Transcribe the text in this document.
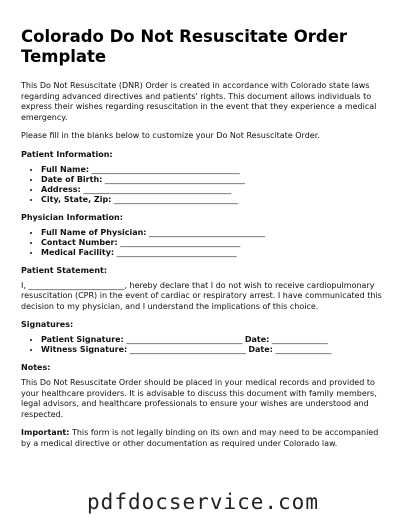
Colorado Do Not Resuscitate Order Template

This Do Not Resuscitate (DNR) Order is created in accordance with Colorado state laws regarding advanced directives and patients' rights. This document allows individuals to express their wishes regarding resuscitation in the event that they experience a medical emergency.

Please fill in the blanks below to customize your Do Not Resuscitate Order.

Patient Information:
• Full Name: _____________________________________
• Date of Birth: ___________________________________
• Address: _____________________________________
• City, State, Zip: _______________________________
Physician Information:
• Full Name of Physician: _____________________________
• Contact Number: ______________________________
• Medical Facility: ______________________________
Patient Statement:

I, ________________________, hereby declare that I do not wish to receive cardiopulmonary resuscitation (CPR) in the event of cardiac or respiratory arrest. I have communicated this decision to my physician, and I understand the implications of this choice.

Signatures:
• Patient Signature: _____________________________ Date: ______________
• Witness Signature: _____________________________ Date: ______________
Notes:

This Do Not Resuscitate Order should be placed in your medical records and provided to your healthcare providers. It is advisable to discuss this document with family members, legal advisors, and healthcare professionals to ensure your wishes are understood and respected.

Important: This form is not legally binding on its own and may need to be accompanied by a medical directive or other documentation as required under Colorado law.

pdfdocservice.com
